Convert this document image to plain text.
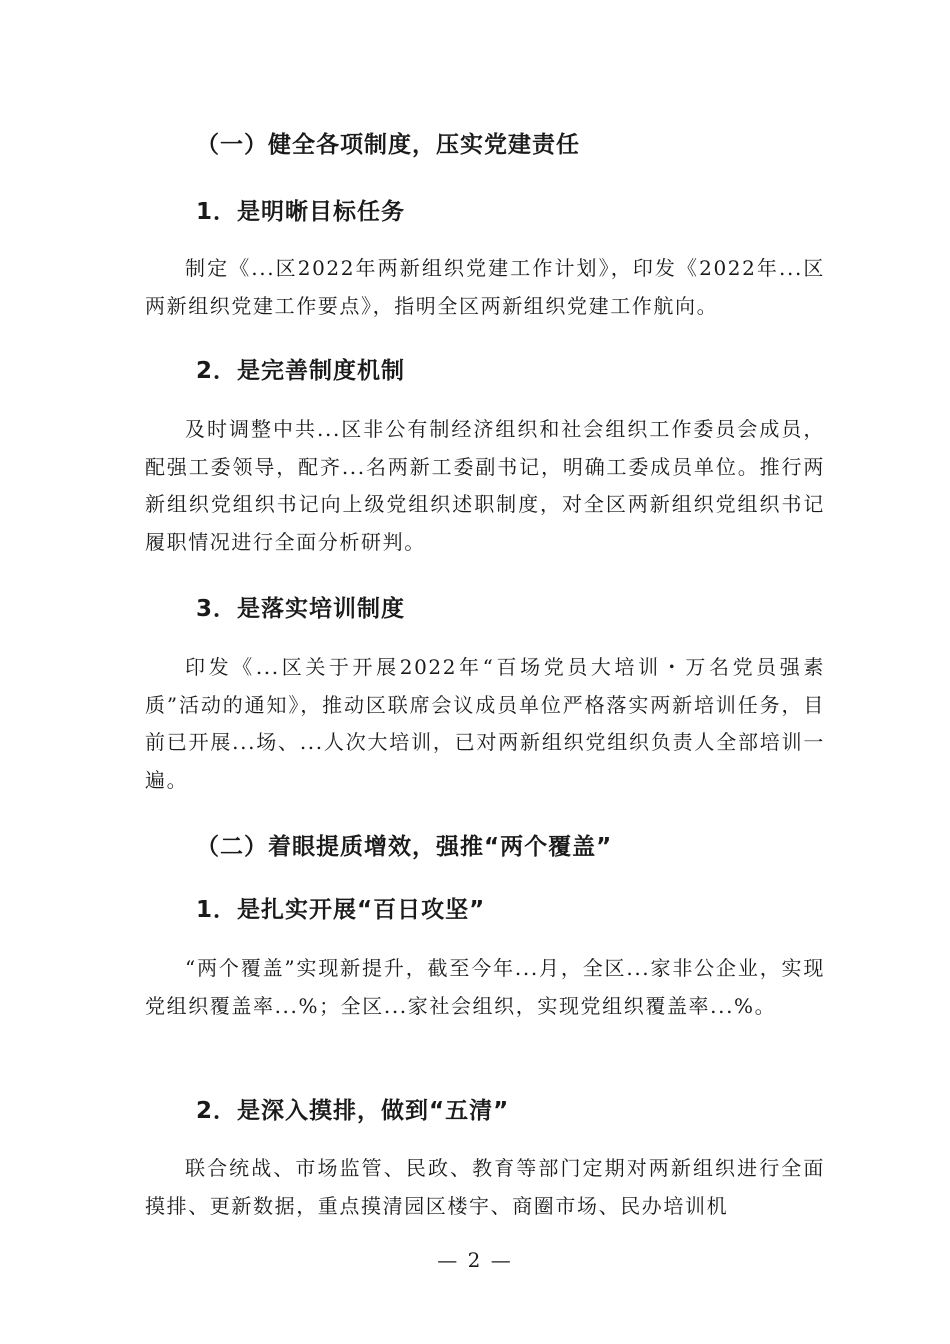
（一）健全各项制度，压实党建责任
1．是明晰目标任务
制定《...区2022年两新组织党建工作计划》，印发《2022年...区两新组织党建工作要点》，指明全区两新组织党建工作航向。
2．是完善制度机制
及时调整中共...区非公有制经济组织和社会组织工作委员会成员，配强工委领导，配齐...名两新工委副书记，明确工委成员单位。推行两新组织党组织书记向上级党组织述职制度，对全区两新组织党组织书记履职情况进行全面分析研判。
3．是落实培训制度
印发《...区关于开展2022年“百场党员大培训・万名党员强素质”活动的通知》，推动区联席会议成员单位严格落实两新培训任务，目前已开展...场、...人次大培训，已对两新组织党组织负责人全部培训一遍。
（二）着眼提质增效，强推“两个覆盖”
1．是扎实开展“百日攻坚”
“两个覆盖”实现新提升，截至今年...月，全区...家非公企业，实现党组织覆盖率...%；全区...家社会组织，实现党组织覆盖率...%。
2．是深入摸排，做到“五清”
联合统战、市场监管、民政、教育等部门定期对两新组织进行全面摸排、更新数据，重点摸清园区楼宇、商圈市场、民办培训机
— 2 —
